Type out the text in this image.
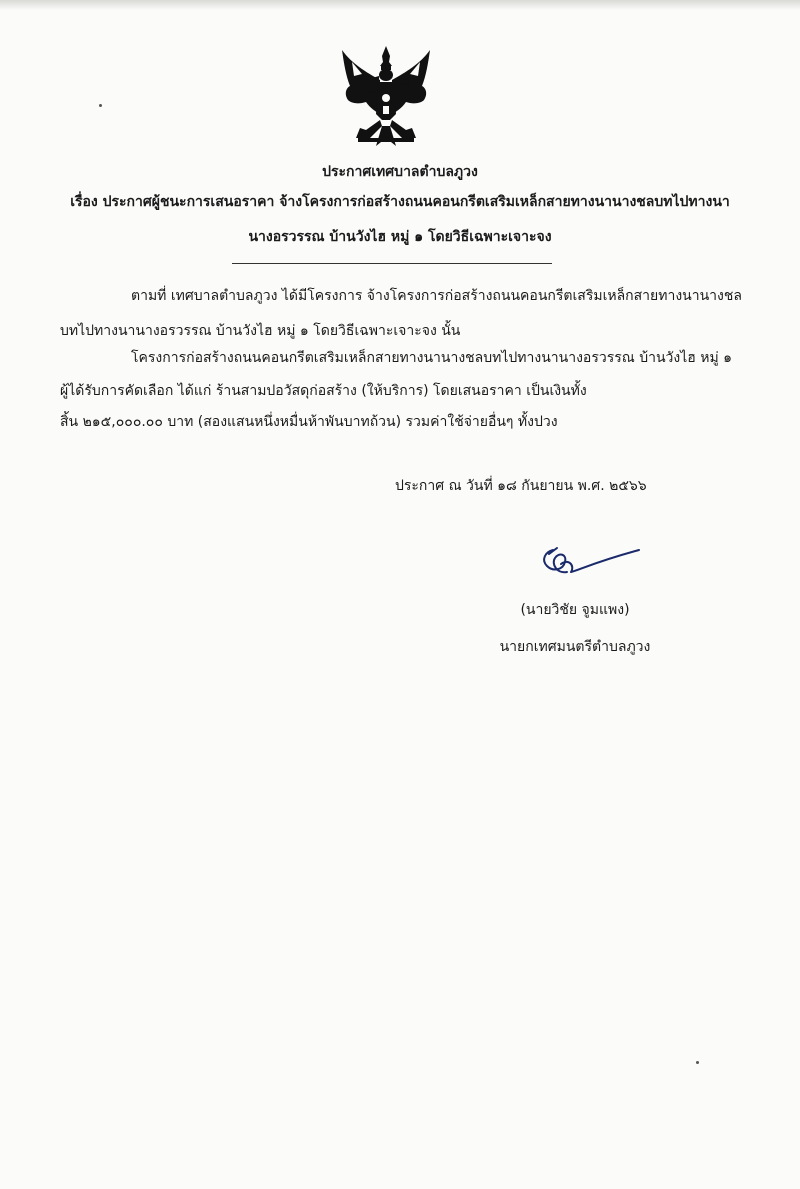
ประกาศเทศบาลตำบลภูวง
เรื่อง ประกาศผู้ชนะการเสนอราคา จ้างโครงการก่อสร้างถนนคอนกรีตเสริมเหล็กสายทางนานางชลบทไปทางนา
นางอรวรรณ บ้านวังไฮ หมู่ ๑ โดยวิธีเฉพาะเจาะจง
ตามที่ เทศบาลตำบลภูวง ได้มีโครงการ จ้างโครงการก่อสร้างถนนคอนกรีตเสริมเหล็กสายทางนานางชล
บทไปทางนานางอรวรรณ บ้านวังไฮ หมู่ ๑ โดยวิธีเฉพาะเจาะจง นั้น
โครงการก่อสร้างถนนคอนกรีตเสริมเหล็กสายทางนานางชลบทไปทางนานางอรวรรณ บ้านวังไฮ หมู่ ๑
ผู้ได้รับการคัดเลือก ได้แก่ ร้านสามปอวัสดุก่อสร้าง (ให้บริการ) โดยเสนอราคา เป็นเงินทั้ง
สิ้น ๒๑๕,๐๐๐.๐๐ บาท (สองแสนหนึ่งหมื่นห้าพันบาทถ้วน) รวมค่าใช้จ่ายอื่นๆ ทั้งปวง
ประกาศ ณ วันที่ ๑๘ กันยายน พ.ศ. ๒๕๖๖
(นายวิชัย จูมแพง)
นายกเทศมนตรีตำบลภูวง
